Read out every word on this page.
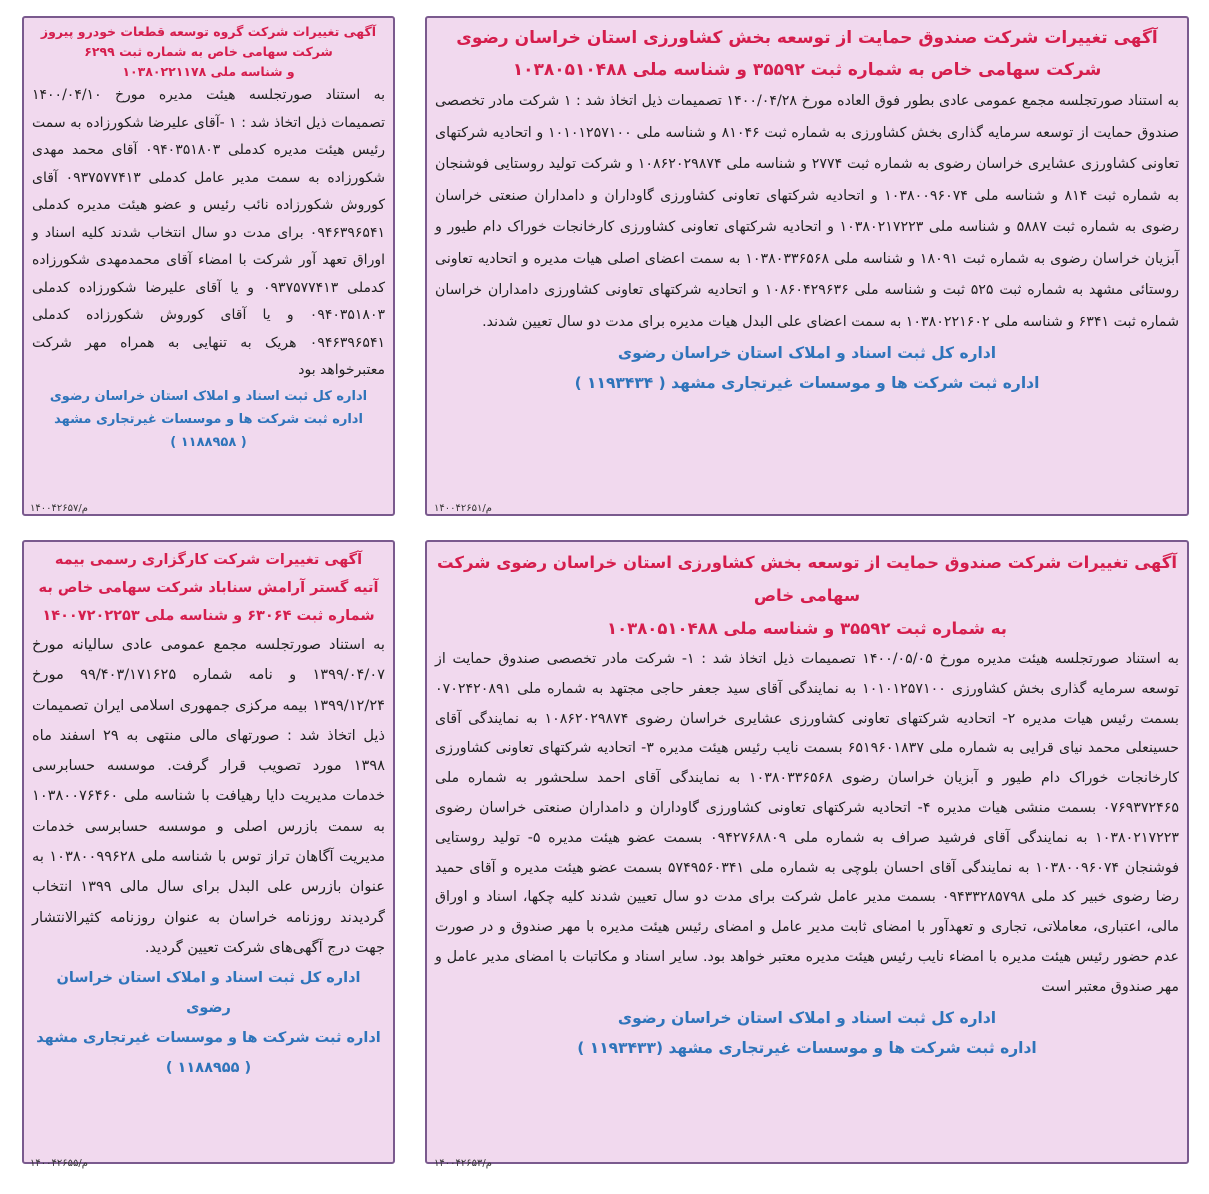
آگهی تغییرات شرکت صندوق حمایت از توسعه بخش کشاورزی استان خراسان رضوی

شرکت سهامی خاص به شماره ثبت ۳۵۵۹۲ و شناسه ملی ۱۰۳۸۰۵۱۰۴۸۸

به استناد صورتجلسه مجمع عمومی عادی بطور فوق العاده مورخ ۱۴۰۰/۰۴/۲۸ تصمیمات ذیل اتخاذ شد : ۱ شرکت مادر تخصصی صندوق حمایت از توسعه سرمایه گذاری بخش کشاورزی به شماره ثبت ۸۱۰۴۶ و شناسه ملی ۱۰۱۰۱۲۵۷۱۰۰ و اتحادیه شرکتهای تعاونی کشاورزی عشایری خراسان رضوی به شماره ثبت ۲۷۷۴ و شناسه ملی ۱۰۸۶۲۰۲۹۸۷۴ و شرکت تولید روستایی فوشنجان به شماره ثبت ۸۱۴ و شناسه ملی ۱۰۳۸۰۰۹۶۰۷۴ و اتحادیه شرکتهای تعاونی کشاورزی گاوداران و دامداران صنعتی خراسان رضوی به شماره ثبت ۵۸۸۷ و شناسه ملی ۱۰۳۸۰۲۱۷۲۲۳ و اتحادیه شرکتهای تعاونی کشاورزی کارخانجات خوراک دام طیور و آبزیان خراسان رضوی به شماره ثبت ۱۸۰۹۱ و شناسه ملی ۱۰۳۸۰۳۳۶۵۶۸ به سمت اعضای اصلی هیات مدیره و اتحادیه تعاونی روستائی مشهد به شماره ثبت ۵۲۵ ثبت و شناسه ملی ۱۰۸۶۰۴۲۹۶۳۶ و اتحادیه شرکتهای تعاونی کشاورزی دامداران خراسان شماره ثبت ۶۳۴۱ و شناسه ملی ۱۰۳۸۰۲۲۱۶۰۲ به سمت اعضای علی البدل هیات مدیره برای مدت دو سال تعیین شدند.

اداره کل ثبت اسناد و املاک استان خراسان رضوی

اداره ثبت شرکت ها و موسسات غیرتجاری مشهد ( ۱۱۹۳۴۳۴ )

۱۴۰۰۴۲۶۵۱/م

آگهی تغییرات شرکت گروه توسعه قطعات خودرو پیروز

شرکت سهامی خاص به شماره ثبت ۶۲۹۹

و شناسه ملی ۱۰۳۸۰۲۲۱۱۷۸

به استناد صورتجلسه هیئت مدیره مورخ ۱۴۰۰/۰۴/۱۰ تصمیمات ذیل اتخاذ شد : ۱ -آقای علیرضا شکورزاده به سمت رئیس هیئت مدیره کدملی ۰۹۴۰۳۵۱۸۰۳ آقای محمد مهدی شکورزاده به سمت مدیر عامل کدملی ۰۹۳۷۵۷۷۴۱۳ آقای کوروش شکورزاده نائب رئیس و عضو هیئت مدیره کدملی ۰۹۴۶۳۹۶۵۴۱ برای مدت دو سال انتخاب شدند کلیه اسناد و اوراق تعهد آور شرکت با امضاء آقای محمدمهدی شکورزاده کدملی ۰۹۳۷۵۷۷۴۱۳ و یا آقای علیرضا شکورزاده کدملی ۰۹۴۰۳۵۱۸۰۳ و یا آقای کوروش شکورزاده کدملی ۰۹۴۶۳۹۶۵۴۱ هریک به تنهایی به همراه مهر شرکت معتبرخواهد بود

اداره کل ثبت اسناد و املاک استان خراسان رضوی

اداره ثبت شرکت ها و موسسات غیرتجاری مشهد

( ۱۱۸۸۹۵۸ )

۱۴۰۰۴۲۶۵۷/م

آگهی تغییرات شرکت صندوق حمایت از توسعه بخش کشاورزی استان خراسان رضوی شرکت سهامی خاص

به شماره ثبت ۳۵۵۹۲ و شناسه ملی ۱۰۳۸۰۵۱۰۴۸۸

به استناد صورتجلسه هیئت مدیره مورخ ۱۴۰۰/۰۵/۰۵ تصمیمات ذیل اتخاذ شد : ۱- شرکت مادر تخصصی صندوق حمایت از توسعه سرمایه گذاری بخش کشاورزی ۱۰۱۰۱۲۵۷۱۰۰ به نمایندگی آقای سید جعفر حاجی مجتهد به شماره ملی ۰۷۰۲۴۲۰۸۹۱ بسمت رئیس هیات مدیره ۲- اتحادیه شرکتهای تعاونی کشاورزی عشایری خراسان رضوی ۱۰۸۶۲۰۲۹۸۷۴ به نمایندگی آقای حسینعلی محمد نیای قرایی به شماره ملی ۶۵۱۹۶۰۱۸۳۷ بسمت نایب رئیس هیئت مدیره ۳- اتحادیه شرکتهای تعاونی کشاورزی کارخانجات خوراک دام طیور و آبزیان خراسان رضوی ۱۰۳۸۰۳۳۶۵۶۸ به نمایندگی آقای احمد سلحشور به شماره ملی ۰۷۶۹۳۷۲۴۶۵ بسمت منشی هیات مدیره ۴- اتحادیه شرکتهای تعاونی کشاورزی گاوداران و دامداران صنعتی خراسان رضوی ۱۰۳۸۰۲۱۷۲۲۳ به نمایندگی آقای فرشید صراف به شماره ملی ۰۹۴۲۷۶۸۸۰۹ بسمت عضو هیئت مدیره ۵- تولید روستایی فوشنجان ۱۰۳۸۰۰۹۶۰۷۴ به نمایندگی آقای احسان بلوچی به شماره ملی ۵۷۴۹۵۶۰۳۴۱ بسمت عضو هیئت مدیره و آقای حمید رضا رضوی خبیر کد ملی ۰۹۴۳۳۲۸۵۷۹۸ بسمت مدیر عامل شرکت برای مدت دو سال تعیین شدند کلیه چکها، اسناد و اوراق مالی، اعتباری، معاملاتی، تجاری و تعهدآور با امضای ثابت مدیر عامل و امضای رئیس هیئت مدیره با مهر صندوق و در صورت عدم حضور رئیس هیئت مدیره با امضاء نایب رئیس هیئت مدیره معتبر خواهد بود. سایر اسناد و مکاتبات با امضای مدیر عامل و مهر صندوق معتبر است

اداره کل ثبت اسناد و املاک استان خراسان رضوی

اداره ثبت شرکت ها و موسسات غیرتجاری مشهد (۱۱۹۳۴۳۳ )

۱۴۰۰۴۲۶۵۳/م

آگهی تغییرات شرکت کارگزاری رسمی بیمه

آتیه گستر آرامش سناباد شرکت سهامی خاص به

شماره ثبت ۶۳۰۶۴ و شناسه ملی ۱۴۰۰۷۲۰۲۲۵۳

به استناد صورتجلسه مجمع عمومی عادی سالیانه مورخ ۱۳۹۹/۰۴/۰۷ و نامه شماره ۹۹/۴۰۳/۱۷۱۶۲۵ مورخ ۱۳۹۹/۱۲/۲۴ بیمه مرکزی جمهوری اسلامی ایران تصمیمات ذیل اتخاذ شد : صورتهای مالی منتهی به ۲۹ اسفند ماه ۱۳۹۸ مورد تصویب قرار گرفت. موسسه حسابرسی خدمات مدیریت دایا رهیافت با شناسه ملی ۱۰۳۸۰۰۷۶۴۶۰ به سمت بازرس اصلی و موسسه حسابرسی خدمات مدیریت آگاهان تراز توس با شناسه ملی ۱۰۳۸۰۰۹۹۶۲۸ به عنوان بازرس علی البدل برای سال مالی ۱۳۹۹ انتخاب گردیدند روزنامه خراسان به عنوان روزنامه کثیرالانتشار جهت درج آگهی‌های شرکت تعیین گردید.

اداره کل ثبت اسناد و املاک استان خراسان رضوی

اداره ثبت شرکت ها و موسسات غیرتجاری مشهد

( ۱۱۸۸۹۵۵ )

۱۴۰۰۴۲۶۵۵/م
